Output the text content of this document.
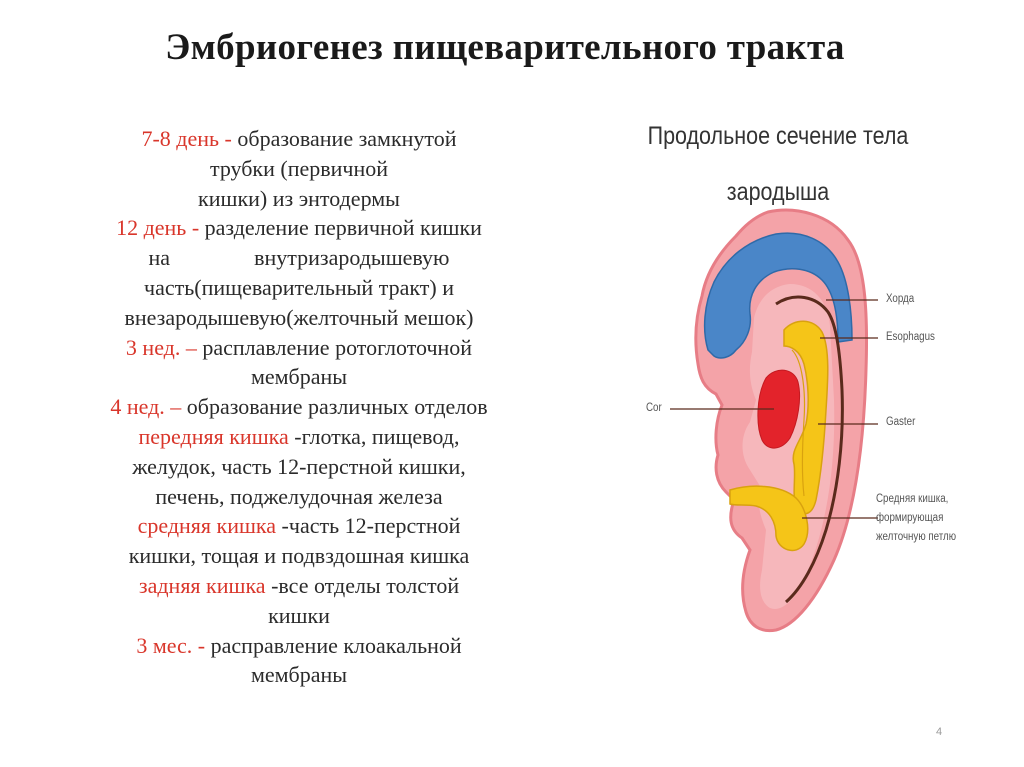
Эмбриогенез пищеварительного тракта
7-8 день - образование замкнутой
трубки (первичной
кишки) из энтодермы
12 день - разделение первичной кишки
на	внутризародышевую
часть(пищеварительный тракт) и
внезародышевую(желточный мешок)
3 нед. – расплавление ротоглоточной
мембраны
4 нед. – образование различных отделов
передняя кишка -глотка, пищевод,
желудок, часть 12-перстной кишки,
печень, поджелудочная железа
средняя кишка -часть 12-перстной
кишки, тощая и подвздошная кишка
задняя кишка -все отделы толстой
кишки
3 мес. - расправление клоакальной
мембраны
Продольное сечение тела зародыша
Хорда
Esophagus
Cor
Gaster
Средняя кишка,
формирующая
желточную петлю
4
